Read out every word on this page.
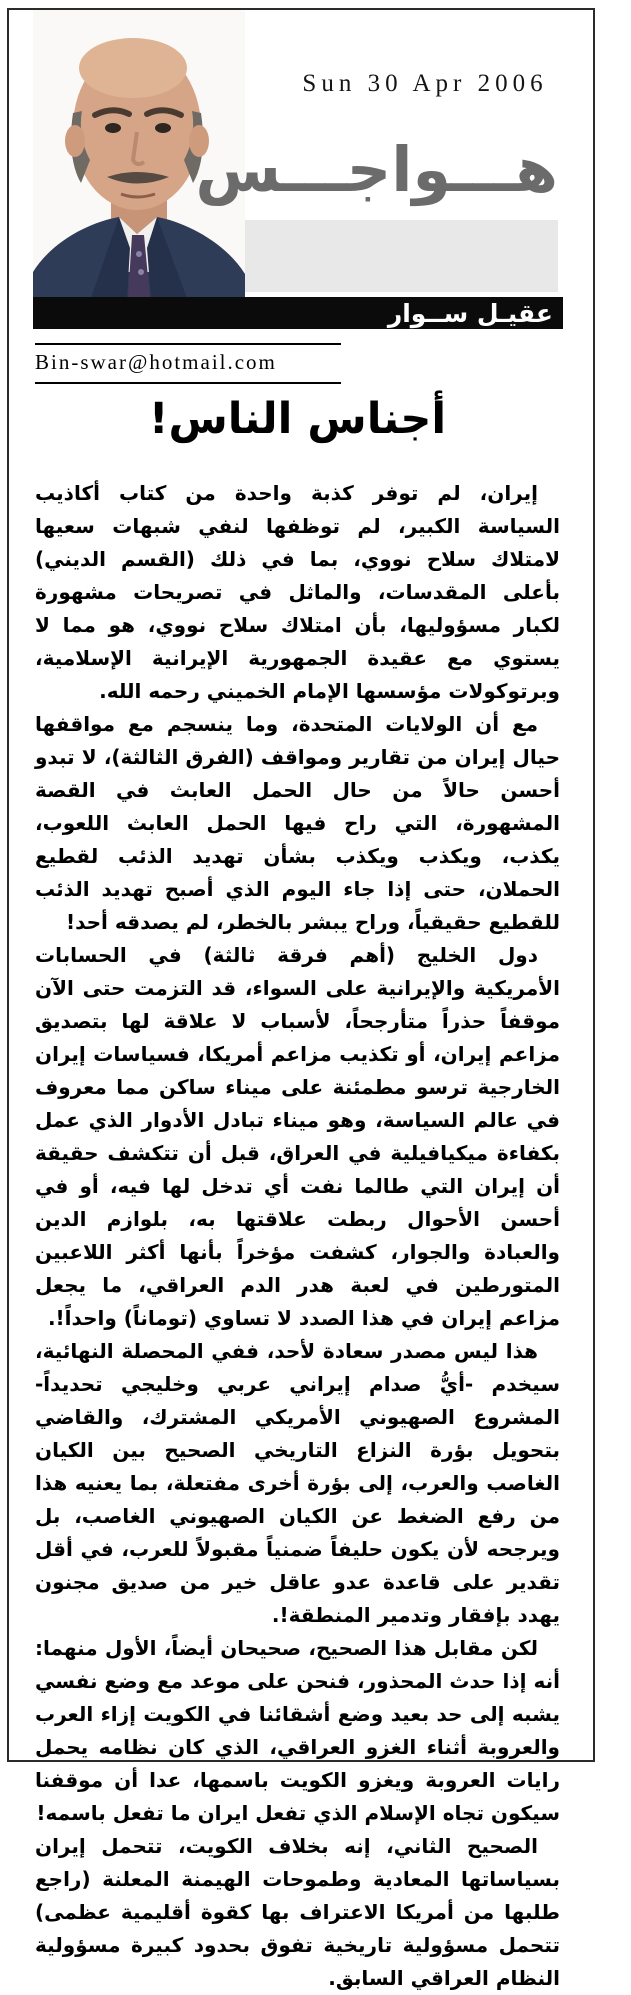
Sun 30 Apr 2006
هـــواجـــس
عقيـل ســوار
Bin-swar@hotmail.com
أجناس الناس!

إيران، لم توفر كذبة واحدة من كتاب أكاذيب السياسة الكبير، لم توظفها لنفي شبهات سعيها لامتلاك سلاح نووي، بما في ذلك (القسم الديني) بأعلى المقدسات، والماثل في تصريحات مشهورة لكبار مسؤوليها، بأن امتلاك سلاح نووي، هو مما لا يستوي مع عقيدة الجمهورية الإيرانية الإسلامية، وبرتوكولات مؤسسها الإمام الخميني رحمه الله.

مع أن الولايات المتحدة، وما ينسجم مع مواقفها حيال إيران من تقارير ومواقف (الفرق الثالثة)، لا تبدو أحسن حالاً من حال الحمل العابث في القصة المشهورة، التي راح فيها الحمل العابث اللعوب، يكذب، ويكذب ويكذب بشأن تهديد الذئب لقطيع الحملان، حتى إذا جاء اليوم الذي أصبح تهديد الذئب للقطيع حقيقياً، وراح يبشر بالخطر، لم يصدقه أحد!

دول الخليج (أهم فرقة ثالثة) في الحسابات الأمريكية والإيرانية على السواء، قد التزمت حتى الآن موقفاً حذراً متأرجحاً، لأسباب لا علاقة لها بتصديق مزاعم إيران، أو تكذيب مزاعم أمريكا، فسياسات إيران الخارجية ترسو مطمئنة على ميناء ساكن مما معروف في عالم السياسة، وهو ميناء تبادل الأدوار الذي عمل بكفاءة ميكيافيلية في العراق، قبل أن تتكشف حقيقة أن إيران التي طالما نفت أي تدخل لها فيه، أو في أحسن الأحوال ربطت علاقتها به، بلوازم الدين والعبادة والجوار، كشفت مؤخراً بأنها أكثر اللاعبين المتورطين في لعبة هدر الدم العراقي، ما يجعل مزاعم إيران في هذا الصدد لا تساوي (توماناً) واحداً!.

هذا ليس مصدر سعادة لأحد، ففي المحصلة النهائية، سيخدم -أيُّ صدام إيراني عربي وخليجي تحديداً- المشروع الصهيوني الأمريكي المشترك، والقاضي بتحويل بؤرة النزاع التاريخي الصحيح بين الكيان الغاصب والعرب، إلى بؤرة أخرى مفتعلة، بما يعنيه هذا من رفع الضغط عن الكيان الصهيوني الغاصب، بل ويرجحه لأن يكون حليفاً ضمنياً مقبولاً للعرب، في أقل تقدير على قاعدة عدو عاقل خير من صديق مجنون يهدد بإفقار وتدمير المنطقة!.

لكن مقابل هذا الصحيح، صحيحان أيضاً، الأول منهما: أنه إذا حدث المحذور، فنحن على موعد مع وضع نفسي يشبه إلى حد بعيد وضع أشقائنا في الكويت إزاء العرب والعروبة أثناء الغزو العراقي، الذي كان نظامه يحمل رايات العروبة ويغزو الكويت باسمها، عدا أن موقفنا سيكون تجاه الإسلام الذي تفعل ايران ما تفعل باسمه!

الصحيح الثاني، إنه بخلاف الكويت، تتحمل إيران بسياساتها المعادية وطموحات الهيمنة المعلنة (راجع طلبها من أمريكا الاعتراف بها كقوة أقليمية عظمى) تتحمل مسؤولية تاريخية تفوق بحدود كبيرة مسؤولية النظام العراقي السابق.
